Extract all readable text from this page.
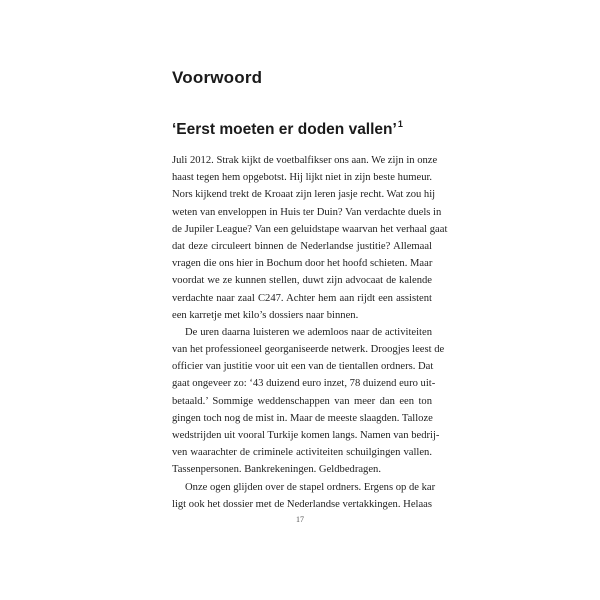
Voorwoord
‘Eerst moeten er doden vallen’$^1$
Juli 2012. Strak kijkt de voetbalfikser ons aan. We zijn in onze
haast tegen hem opgebotst. Hij lijkt niet in zijn beste humeur.
Nors kijkend trekt de Kroaat zijn leren jasje recht. Wat zou hij
weten van enveloppen in Huis ter Duin? Van verdachte duels in
de Jupiler League? Van een geluidstape waarvan het verhaal gaat
dat deze circuleert binnen de Nederlandse justitie? Allemaal
vragen die ons hier in Bochum door het hoofd schieten. Maar
voordat we ze kunnen stellen, duwt zijn advocaat de kalende
verdachte naar zaal C247. Achter hem aan rijdt een assistent
een karretje met kilo’s dossiers naar binnen.
De uren daarna luisteren we ademloos naar de activiteiten
van het professioneel georganiseerde netwerk. Droogjes leest de
officier van justitie voor uit een van de tientallen ordners. Dat
gaat ongeveer zo: ‘43 duizend euro inzet, 78 duizend euro uit-
betaald.’ Sommige weddenschappen van meer dan een ton
gingen toch nog de mist in. Maar de meeste slaagden. Talloze
wedstrijden uit vooral Turkije komen langs. Namen van bedrij-
ven waarachter de criminele activiteiten schuilgingen vallen.
Tassenpersonen. Bankrekeningen. Geldbedragen.
Onze ogen glijden over de stapel ordners. Ergens op de kar
ligt ook het dossier met de Nederlandse vertakkingen. Helaas
17
